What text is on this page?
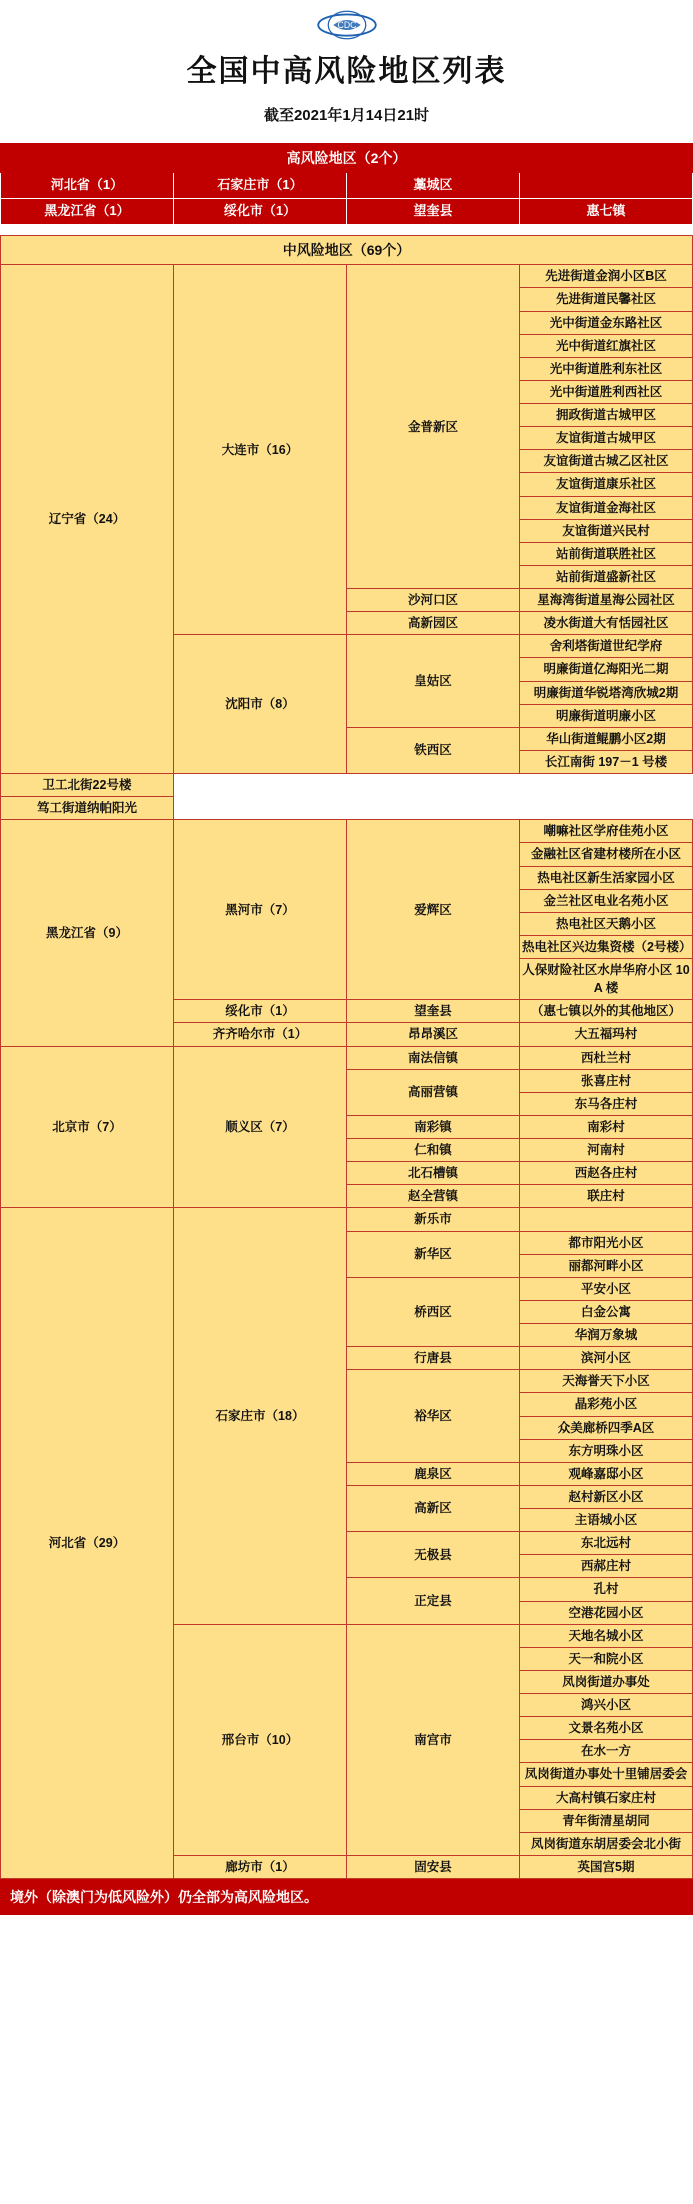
CDC
全国中高风险地区列表
截至2021年1月14日21时
高风险地区（2个）			
河北省（1）	石家庄市（1）	藁城区	
黑龙江省（1）	绥化市（1）	望奎县	惠七镇
中风险地区（69个）			
辽宁省（24）	大连市（16）	金普新区	先进街道金润小区B区
			先进街道民馨社区
			光中街道金东路社区
			光中街道红旗社区
			光中街道胜利东社区
			光中街道胜利西社区
			拥政街道古城甲区
			友谊街道古城甲区
			友谊街道古城乙区社区
			友谊街道康乐社区
			友谊街道金海社区
			友谊街道兴民村
			站前街道联胜社区
			站前街道盛新社区
		沙河口区	星海湾街道星海公园社区
		高新园区	凌水街道大有恬园社区
	沈阳市（8）	皇姑区	舍利塔街道世纪学府
			明廉街道亿海阳光二期
			明廉街道华锐塔湾欣城2期
			明廉街道明廉小区
		铁西区	华山街道鲲鹏小区2期
			长江南街 197－1 号楼
卫工北街22号楼			
笃工街道纳帕阳光			
黑龙江省（9）	黑河市（7）	爱辉区	嘲嘛社区学府佳苑小区
			金融社区省建材楼所在小区
			热电社区新生活家园小区
			金兰社区电业名苑小区
			热电社区天鹅小区
			热电社区兴边集资楼（2号楼）
			人保财险社区水岸华府小区 10A 楼
	绥化市（1）	望奎县	（惠七镇以外的其他地区）
	齐齐哈尔市（1）	昂昂溪区	大五福玛村
北京市（7）	顺义区（7）	南法信镇	西杜兰村
		高丽营镇	张喜庄村
			东马各庄村
		南彩镇	南彩村
		仁和镇	河南村
		北石槽镇	西赵各庄村
		赵全营镇	联庄村
河北省（29）	石家庄市（18）	新乐市	
		新华区	都市阳光小区
			丽都河畔小区
		桥西区	平安小区
			白金公寓
			华润万象城
		行唐县	滨河小区
		裕华区	天海誉天下小区
			晶彩苑小区
			众美廊桥四季A区
			东方明珠小区
		鹿泉区	观峰嘉邸小区
		高新区	赵村新区小区
			主语城小区
		无极县	东北远村
			西郝庄村
		正定县	孔村
			空港花园小区
	邢台市（10）	南宫市	天地名城小区
			天一和院小区
			凤岗街道办事处
			鸿兴小区
			文景名苑小区
			在水一方
			凤岗街道办事处十里铺居委会
			大高村镇石家庄村
			青年街清星胡同
			凤岗街道东胡居委会北小街
	廊坊市（1）	固安县	英国宫5期
境外（除澳门为低风险外）仍全部为高风险地区。
